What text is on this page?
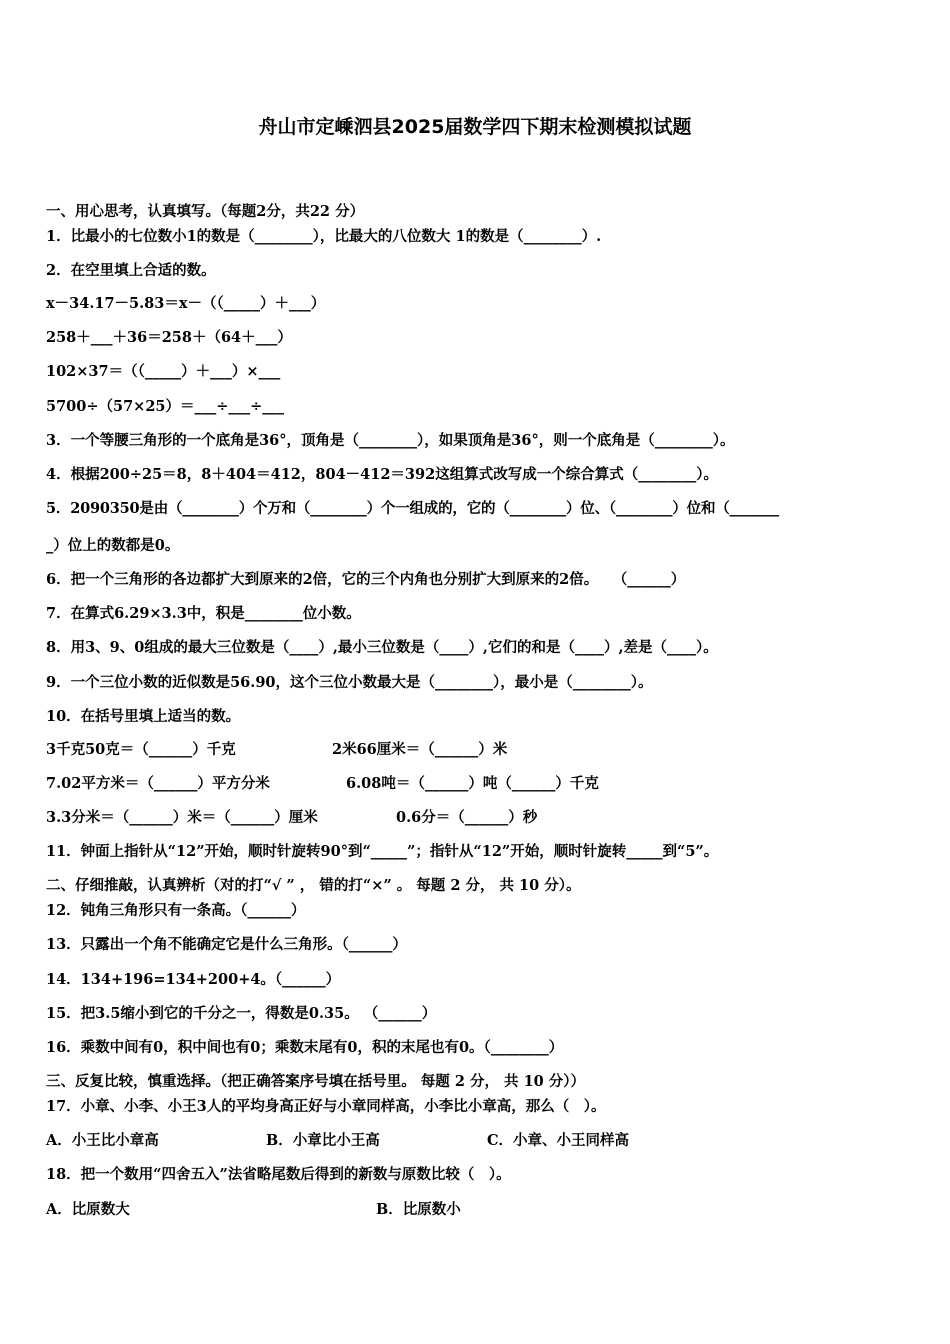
舟山市定嵊泗县2025届数学四下期末检测模拟试题
一、用心思考，认真填写。（每题2分，共22 分）
1．比最小的七位数小1的数是（________），比最大的八位数大 1的数是（________）.
2．在空里填上合适的数。
x－34.17－5.83＝x－（（_____）＋___）
258＋___＋36＝258＋（64＋___）
102×37＝（（_____）＋___）×___
5700÷（57×25）＝___÷___÷___
3．一个等腰三角形的一个底角是36°，顶角是（________），如果顶角是36°，则一个底角是（________）。
4．根据200÷25＝8，8＋404＝412，804－412＝392这组算式改写成一个综合算式（________）。
5．2090350是由（________）个万和（________）个一组成的，它的（________）位、（________）位和（_______
_）位上的数都是0。
6．把一个三角形的各边都扩大到原来的2倍，它的三个内角也分别扩大到原来的2倍。　　（______）
7．在算式6.29×3.3中，积是________位小数。
8．用3、9、0组成的最大三位数是（____）,最小三位数是（____）,它们的和是（____）,差是（____）。
9．一个三位小数的近似数是56.90，这个三位小数最大是（________），最小是（________）。
10．在括号里填上适当的数。
3千克50克＝（______）千克	2米66厘米＝（______）米
7.02平方米＝（______）平方分米	6.08吨＝（______）吨（______）千克
3.3分米＝（______）米＝（______）厘米	0.6分＝（______）秒
11．钟面上指针从“12”开始，顺时针旋转90°到“_____”；指针从“12”开始，顺时针旋转_____到“5”。
二、仔细推敲，认真辨析（对的打“√ ” ， 错的打“×” 。 每题 2 分， 共 10 分）。
12．钝角三角形只有一条高。（______）
13．只露出一个角不能确定它是什么三角形。（______）
14．134+196=134+200+4。（______）
15．把3.5缩小到它的千分之一，得数是0.35。 （______）
16．乘数中间有0，积中间也有0；乘数末尾有0，积的末尾也有0。（________）
三、反复比较，慎重选择。（把正确答案序号填在括号里。 每题 2 分， 共 10 分））
17．小章、小李、小王3人的平均身高正好与小章同样高，小李比小章高，那么（　）。
A．小王比小章高	B．小章比小王高	C．小章、小王同样高
18．把一个数用“四舍五入”法省略尾数后得到的新数与原数比较（　）。
A．比原数大	B．比原数小
